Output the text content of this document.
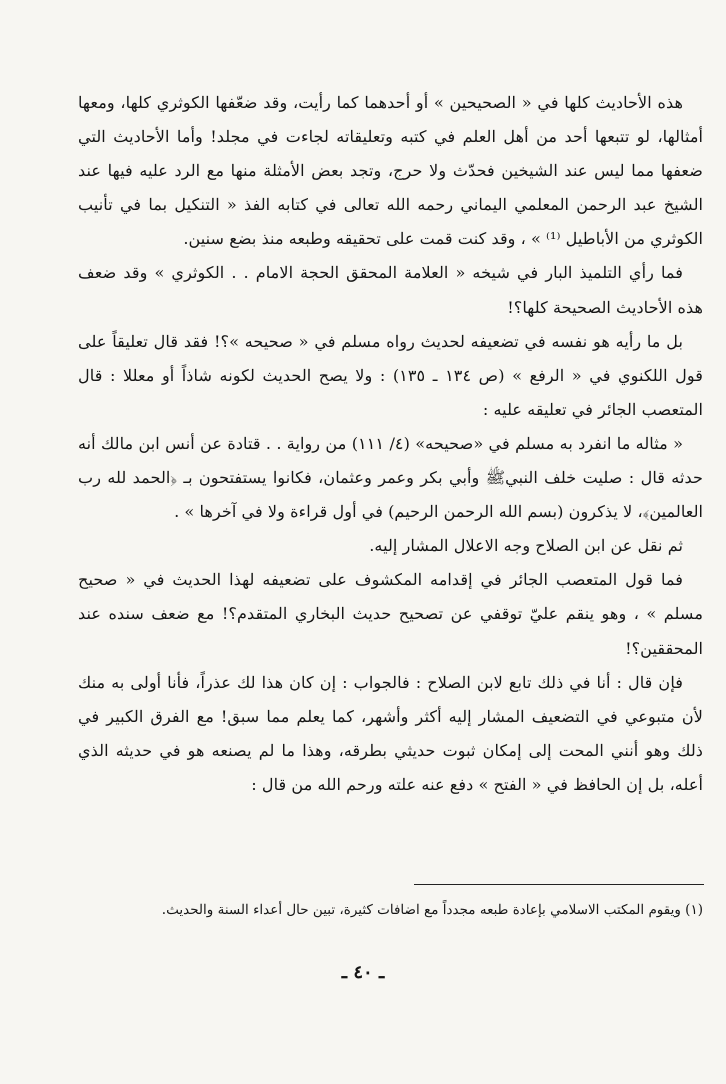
هذه الأحاديث كلها في « الصحيحين » أو أحدهما كما رأيت، وقد ضعّفها الكوثري كلها، ومعها أمثالها، لو تتبعها أحد من أهل العلم في كتبه وتعليقاته لجاءت في مجلد! وأما الأحاديث التي ضعفها مما ليس عند الشيخين فحدّث ولا حرج، وتجد بعض الأمثلة منها مع الرد عليه فيها عند الشيخ عبد الرحمن المعلمي اليماني رحمه الله تعالى في كتابه الفذ « التنكيل بما في تأنيب الكوثري من الأباطيل ⁽¹⁾ » ، وقد كنت قمت على تحقيقه وطبعه منذ بضع سنين.

فما رأي التلميذ البار في شيخه « العلامة المحقق الحجة الامام . . الكوثري » وقد ضعف هذه الأحاديث الصحيحة كلها؟!

بل ما رأيه هو نفسه في تضعيفه لحديث رواه مسلم في « صحيحه »؟! فقد قال تعليقاً على قول اللكنوي في « الرفع » (ص ١٣٤ ـ ١٣٥) : ولا يصح الحديث لكونه شاذاً أو معللا : قال المتعصب الجائر في تعليقه عليه :

« مثاله ما انفرد به مسلم في «صحيحه» (٤/ ١١١) من رواية . . قتادة عن أنس ابن مالك أنه حدثه قال : صليت خلف النبيﷺ وأبي بكر وعمر وعثمان، فكانوا يستفتحون بـ ﴿الحمد لله رب العالمين﴾، لا يذكرون (بسم الله الرحمن الرحيم) في أول قراءة ولا في آخرها » .

ثم نقل عن ابن الصلاح وجه الاعلال المشار إليه.

فما قول المتعصب الجائر في إقدامه المكشوف على تضعيفه لهذا الحديث في « صحيح مسلم » ، وهو ينقم عليّ توقفي عن تصحيح حديث البخاري المتقدم؟! مع ضعف سنده عند المحققين؟!

فإن قال : أنا في ذلك تابع لابن الصلاح : فالجواب : إن كان هذا لك عذراً، فأنا أولى به منك لأن متبوعي في التضعيف المشار إليه أكثر وأشهر، كما يعلم مما سبق! مع الفرق الكبير في ذلك وهو أنني المحت إلى إمكان ثبوت حديثي بطرقه، وهذا ما لم يصنعه هو في حديثه الذي أعله، بل إن الحافظ في « الفتح » دفع عنه علته ورحم الله من قال :

(١) ويقوم المكتب الاسلامي بإعادة طبعه مجدداً مع اضافات كثيرة، تبين حال أعداء السنة والحديث.

ـ ٤٠ ـ
